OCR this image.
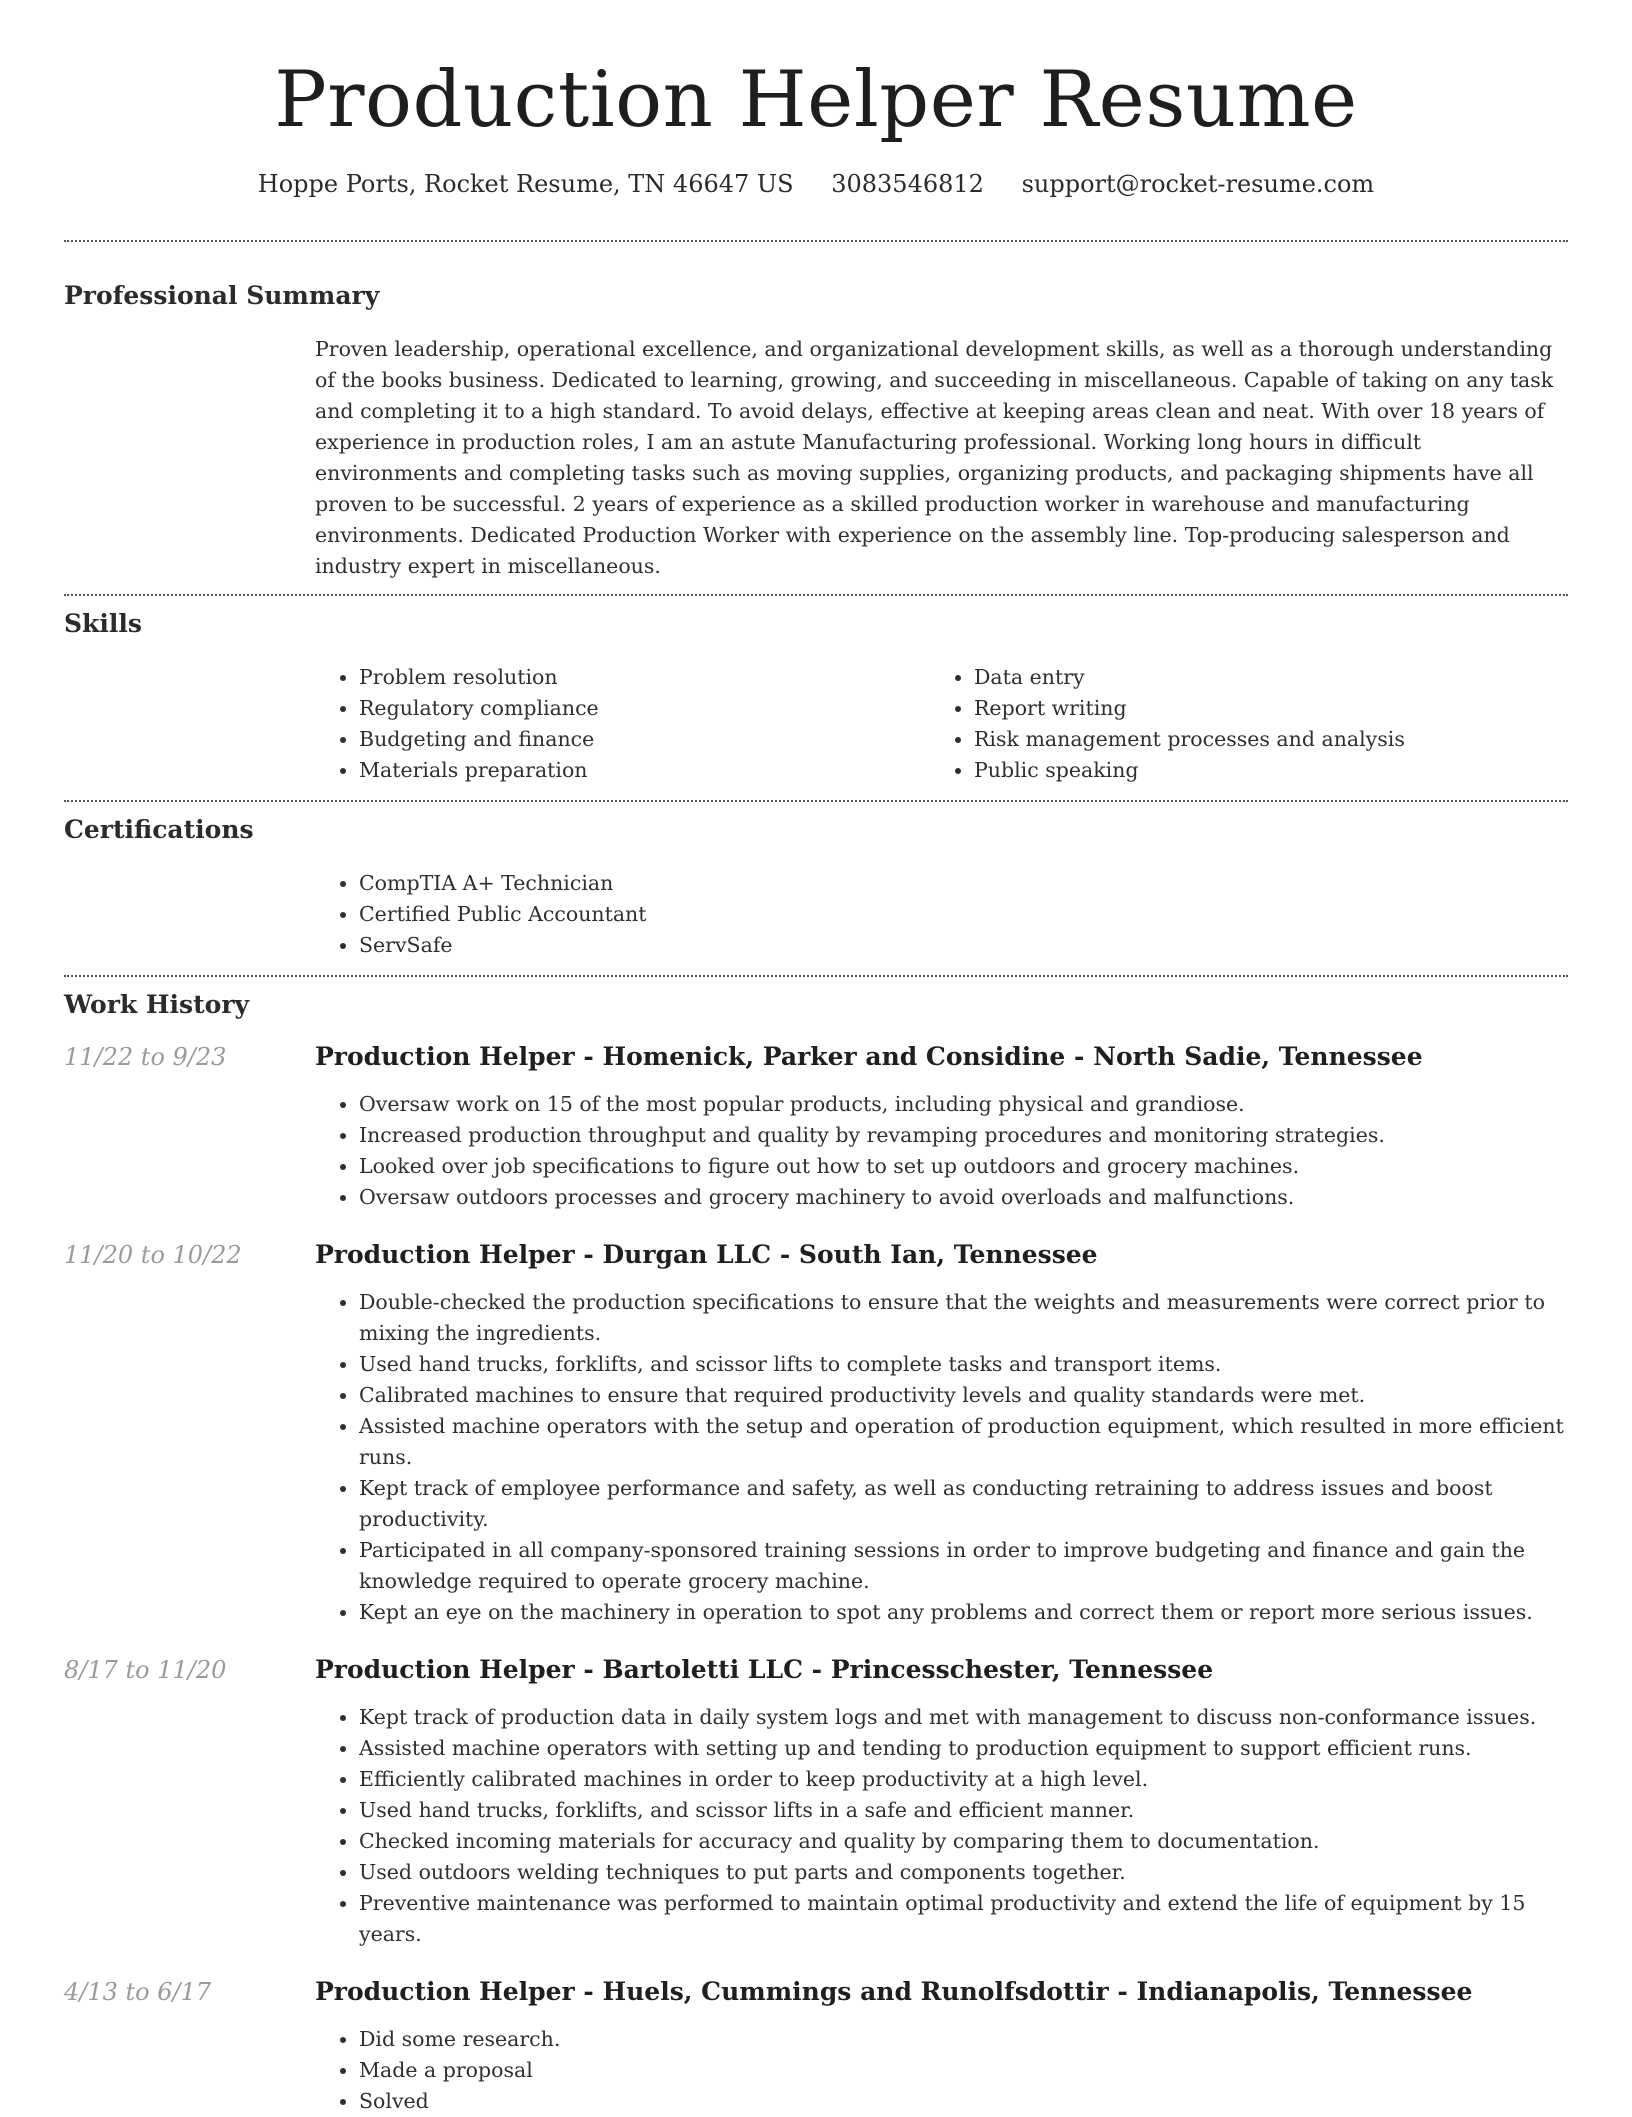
Production Helper Resume
Hoppe Ports, Rocket Resume, TN 46647 US 3083546812 support@rocket-resume.com
Professional Summary

Proven leadership, operational excellence, and organizational development skills, as well as a thorough understanding of the books business. Dedicated to learning, growing, and succeeding in miscellaneous. Capable of taking on any task and completing it to a high standard. To avoid delays, effective at keeping areas clean and neat. With over 18 years of experience in production roles, I am an astute Manufacturing professional. Working long hours in difficult environments and completing tasks such as moving supplies, organizing products, and packaging shipments have all proven to be successful. 2 years of experience as a skilled production worker in warehouse and manufacturing environments. Dedicated Production Worker with experience on the assembly line. Top-producing salesperson and industry expert in miscellaneous.

Skills
• Problem resolution
• Regulatory compliance
• Budgeting and finance
• Materials preparation
• Data entry
• Report writing
• Risk management processes and analysis
• Public speaking
Certifications
• CompTIA A+ Technician
• Certified Public Accountant
• ServSafe
Work History
11/22 to 9/23	Production Helper - Homenick, Parker and Considine - North Sadie, Tennessee
• Oversaw work on 15 of the most popular products, including physical and grandiose.
• Increased production throughput and quality by revamping procedures and monitoring strategies.
• Looked over job specifications to figure out how to set up outdoors and grocery machines.
• Oversaw outdoors processes and grocery machinery to avoid overloads and malfunctions.
11/20 to 10/22	Production Helper - Durgan LLC - South Ian, Tennessee
• Double-checked the production specifications to ensure that the weights and measurements were correct prior to mixing the ingredients.
• Used hand trucks, forklifts, and scissor lifts to complete tasks and transport items.
• Calibrated machines to ensure that required productivity levels and quality standards were met.
• Assisted machine operators with the setup and operation of production equipment, which resulted in more efficient runs.
• Kept track of employee performance and safety, as well as conducting retraining to address issues and boost productivity.
• Participated in all company-sponsored training sessions in order to improve budgeting and finance and gain the knowledge required to operate grocery machine.
• Kept an eye on the machinery in operation to spot any problems and correct them or report more serious issues.
8/17 to 11/20	Production Helper - Bartoletti LLC - Princesschester, Tennessee
• Kept track of production data in daily system logs and met with management to discuss non-conformance issues.
• Assisted machine operators with setting up and tending to production equipment to support efficient runs.
• Efficiently calibrated machines in order to keep productivity at a high level.
• Used hand trucks, forklifts, and scissor lifts in a safe and efficient manner.
• Checked incoming materials for accuracy and quality by comparing them to documentation.
• Used outdoors welding techniques to put parts and components together.
• Preventive maintenance was performed to maintain optimal productivity and extend the life of equipment by 15 years.
4/13 to 6/17	Production Helper - Huels, Cummings and Runolfsdottir - Indianapolis, Tennessee
• Did some research.
• Made a proposal
• Solved
